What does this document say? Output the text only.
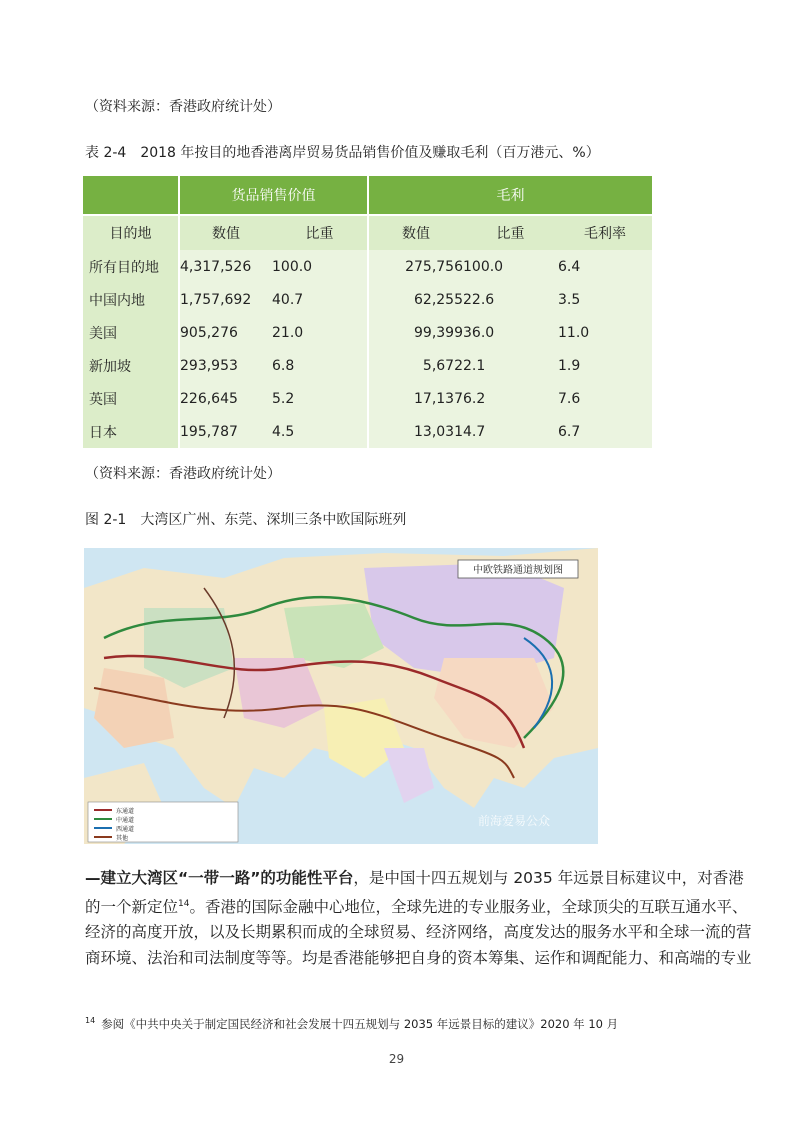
（资料来源：香港政府统计处）
表 2-4　2018 年按目的地香港离岸贸易货品销售价值及赚取毛利（百万港元、%）
	货品销售价值		毛利		
目的地	数值	比重	数值	比重	毛利率
所有目的地	4,317,526	100.0	275,756	100.0	6.4
中国内地	1,757,692	40.7	62,255	22.6	3.5
美国	905,276	21.0	99,399	36.0	11.0
新加坡	293,953	6.8	5,672	2.1	1.9
英国	226,645	5.2	17,137	6.2	7.6
日本	195,787	4.5	13,031	4.7	6.7
（资料来源：香港政府统计处）
图 2-1　大湾区广州、东莞、深圳三条中欧国际班列
中欧铁路通道规划图
东通道
中通道
西通道
其他
前海爱易公众
—建立大湾区“一带一路”的功能性平台，是中国十四五规划与 2035 年远景目标建议中，对香港
的一个新定位$^{14}$。香港的国际金融中心地位，全球先进的专业服务业，全球顶尖的互联互通水平、
经济的高度开放，以及长期累积而成的全球贸易、经济网络，高度发达的服务水平和全球一流的营
商环境、法治和司法制度等等。均是香港能够把自身的资本筹集、运作和调配能力、和高端的专业
$^{14}$ 参阅《中共中央关于制定国民经济和社会发展十四五规划与 2035 年远景目标的建议》2020 年 10 月
29
